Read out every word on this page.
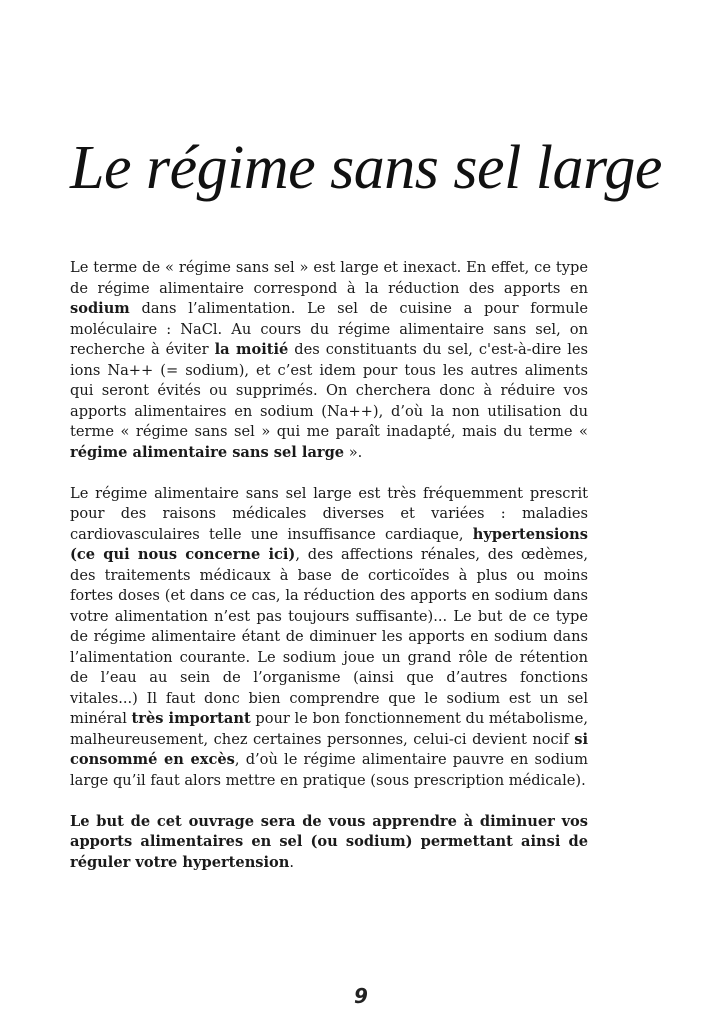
Le régime sans sel large

Le terme de « régime sans sel » est large et inexact. En effet, ce type de régime alimentaire correspond à la réduction des apports en sodium dans l’alimentation. Le sel de cuisine a pour formule moléculaire : NaCl. Au cours du régime alimentaire sans sel, on recherche à éviter la moitié des constituants du sel, c'est-à-dire les ions Na++ (= sodium), et c’est idem pour tous les autres aliments qui seront évités ou supprimés. On cherchera donc à réduire vos apports alimentaires en sodium (Na++), d’où la non utilisation du terme « régime sans sel » qui me paraît inadapté, mais du terme « régime alimentaire sans sel large ».

Le régime alimentaire sans sel large est très fréquemment prescrit pour des raisons médicales diverses et variées : maladies cardiovasculaires telle une insuffisance cardiaque, hypertensions (ce qui nous concerne ici), des affections rénales, des œdèmes, des traitements médicaux à base de corticoïdes à plus ou moins fortes doses (et dans ce cas, la réduction des apports en sodium dans votre alimentation n’est pas toujours suffisante)... Le but de ce type de régime alimentaire étant de diminuer les apports en sodium dans l’alimentation courante. Le sodium joue un grand rôle de rétention de l’eau au sein de l’organisme (ainsi que d’autres fonctions vitales...) Il faut donc bien comprendre que le sodium est un sel minéral très important pour le bon fonctionnement du métabolisme, malheureusement, chez certaines personnes, celui-ci devient nocif si consommé en excès, d’où le régime alimentaire pauvre en sodium large qu’il faut alors mettre en pratique (sous prescription médicale).

Le but de cet ouvrage sera de vous apprendre à diminuer vos apports alimentaires en sel (ou sodium) permettant ainsi de réguler votre hypertension.

9
